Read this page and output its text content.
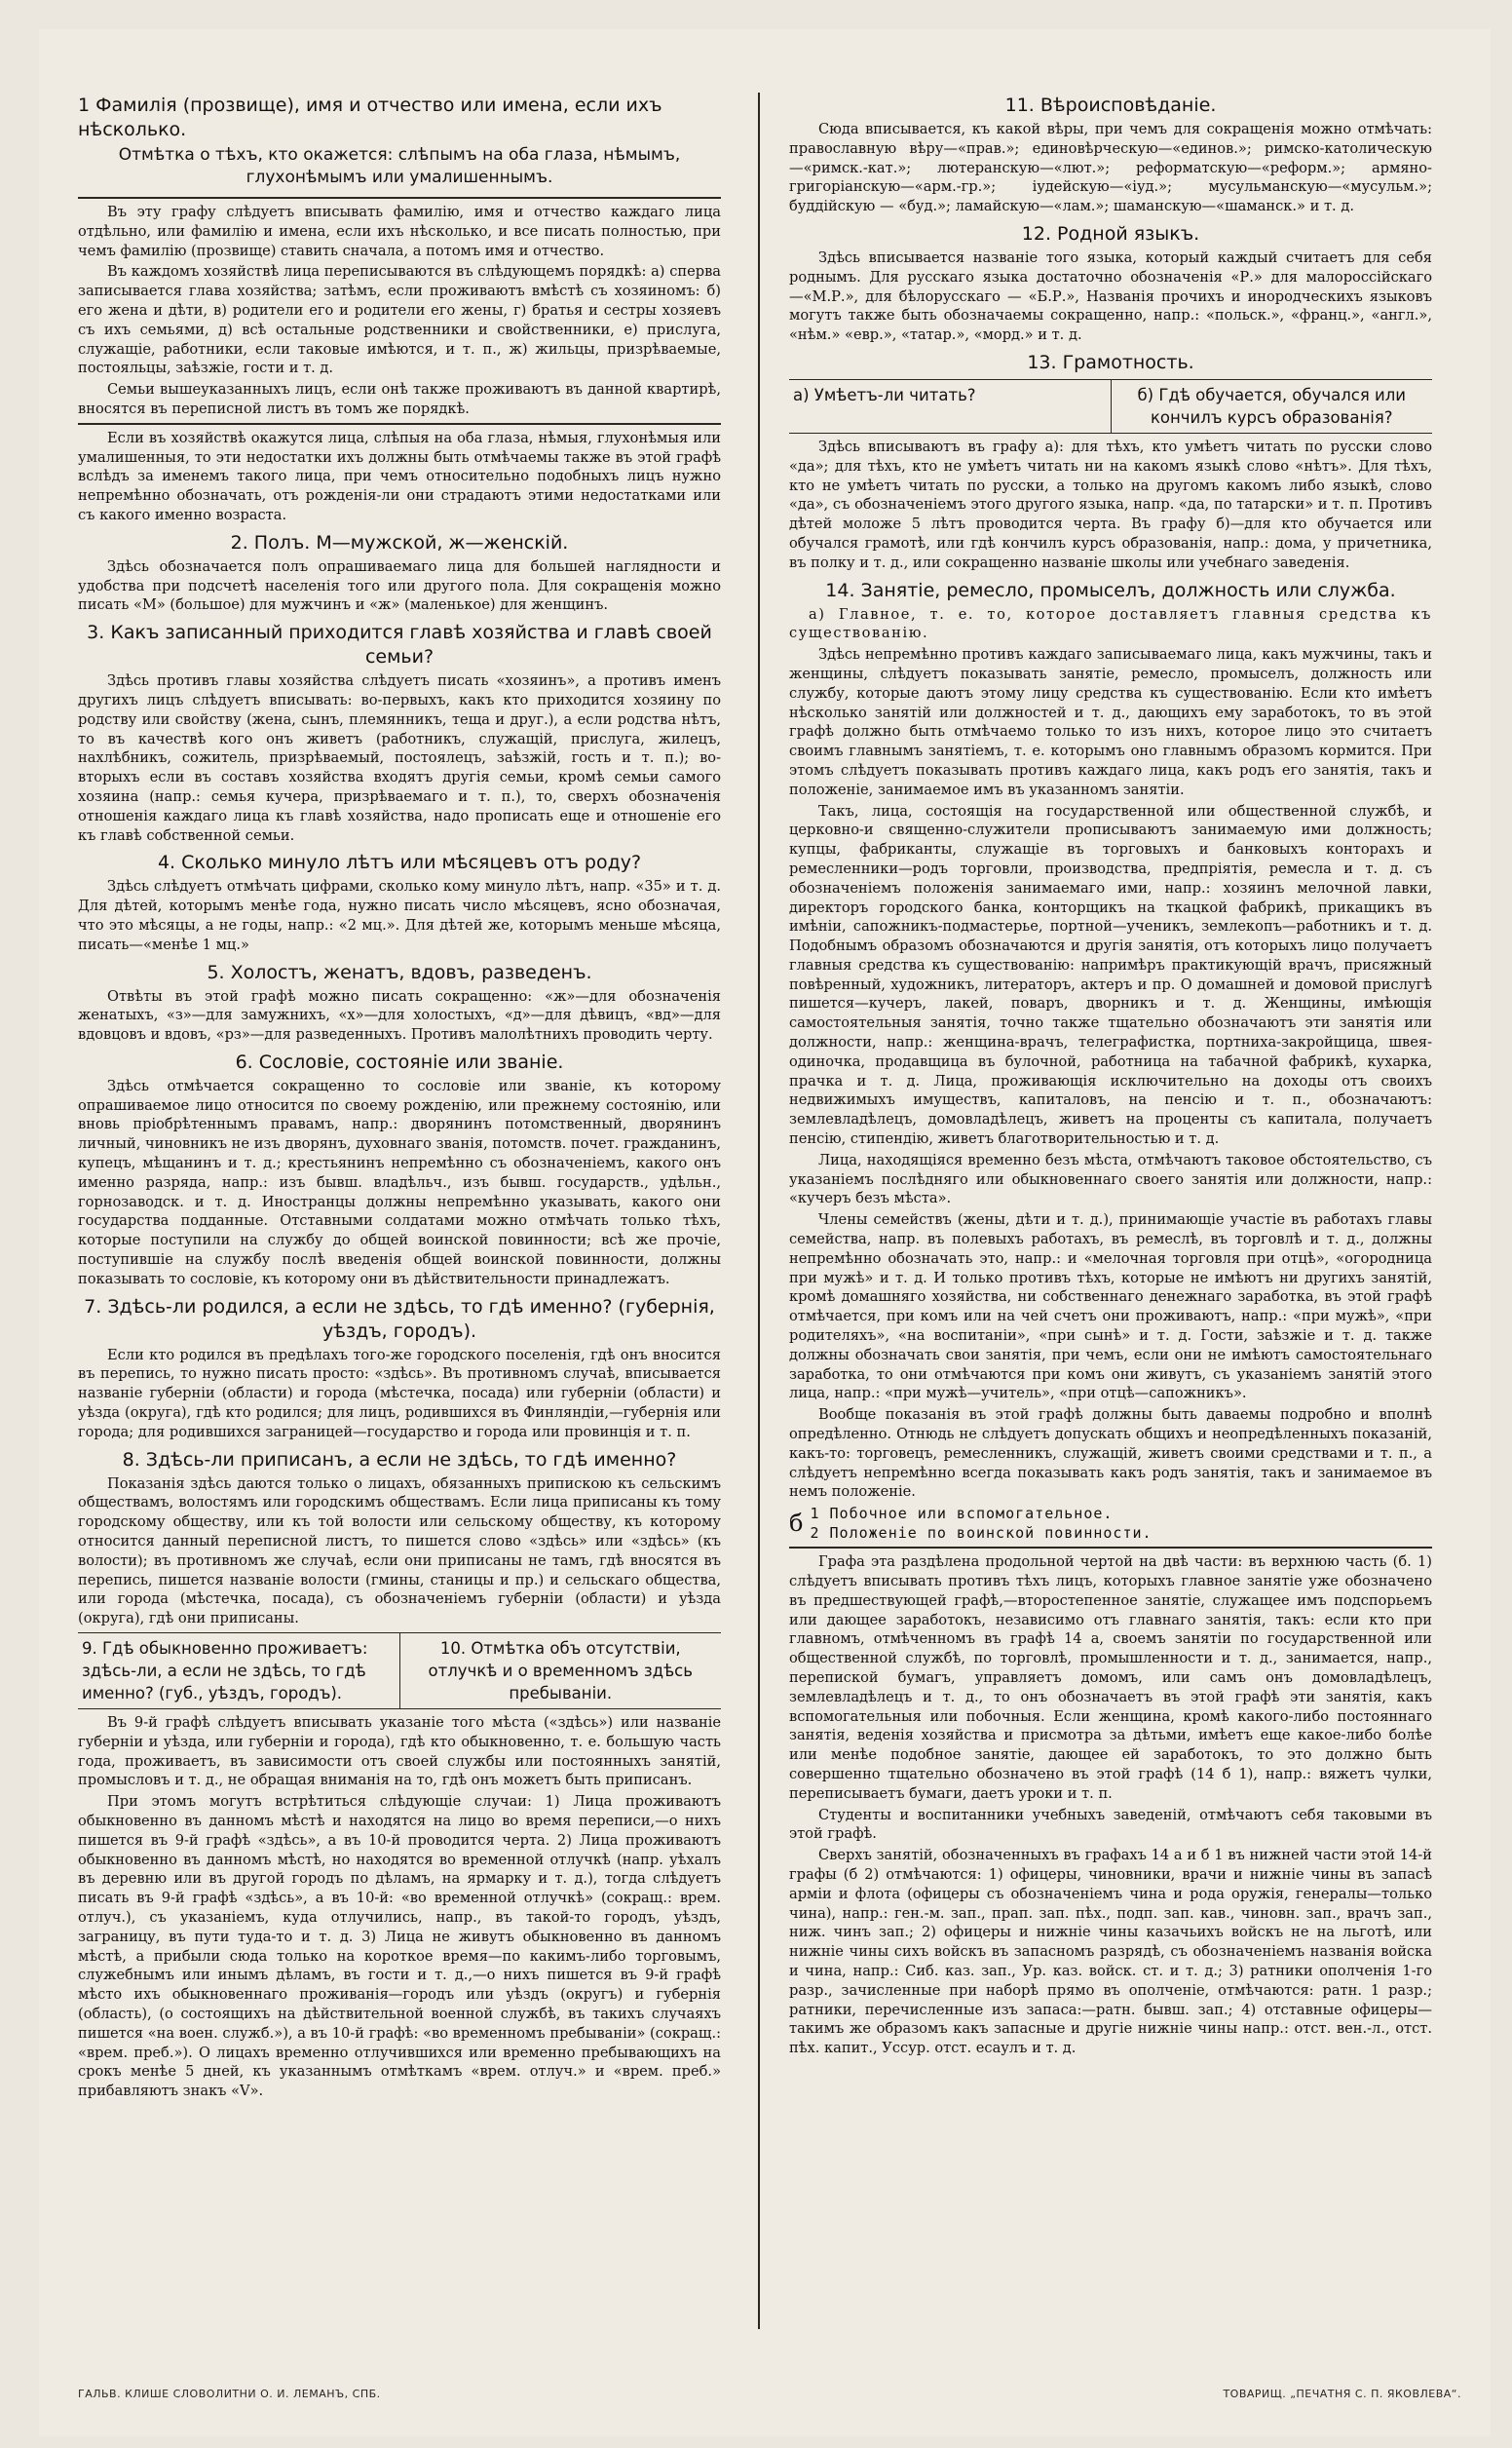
1 Фамилія (прозвище), имя и отчество или имена, если ихъ нѣсколько.
Отмѣтка о тѣхъ, кто окажется: слѣпымъ на оба глаза, нѣмымъ, глухонѣмымъ или умалишеннымъ.

Въ эту графу слѣдуетъ вписывать фамилію, имя и отчество каждаго лица отдѣльно, или фамилію и имена, если ихъ нѣсколько, и все писать полностью, при чемъ фамилію (прозвище) ставить сначала, а потомъ имя и отчество.

Въ каждомъ хозяйствѣ лица переписываются въ слѣдующемъ порядкѣ: а) сперва записывается глава хозяйства; затѣмъ, если проживаютъ вмѣстѣ съ хозяиномъ: б) его жена и дѣти, в) родители его и родители его жены, г) братья и сестры хозяевъ съ ихъ семьями, д) всѣ остальные родственники и свойственники, е) прислуга, служащіе, работники, если таковые имѣются, и т. п., ж) жильцы, призрѣваемые, постояльцы, заѣзжіе, гости и т. д.

Семьи вышеуказанныхъ лицъ, если онѣ также проживаютъ въ данной квартирѣ, вносятся въ переписной листъ въ томъ же порядкѣ.

Если въ хозяйствѣ окажутся лица, слѣпыя на оба глаза, нѣмыя, глухонѣмыя или умалишенныя, то эти недостатки ихъ должны быть отмѣчаемы также въ этой графѣ вслѣдъ за именемъ такого лица, при чемъ относительно подобныхъ лицъ нужно непремѣнно обозначать, отъ рожденія-ли они страдаютъ этими недостатками или съ какого именно возраста.

2. Полъ. М—мужской, ж—женскій.

Здѣсь обозначается полъ опрашиваемаго лица для большей наглядности и удобства при подсчетѣ населенія того или другого пола. Для сокращенія можно писать «М» (большое) для мужчинъ и «ж» (маленькое) для женщинъ.

3. Какъ записанный приходится главѣ хозяйства и главѣ своей семьи?

Здѣсь противъ главы хозяйства слѣдуетъ писать «хозяинъ», а противъ именъ другихъ лицъ слѣдуетъ вписывать: во-первыхъ, какъ кто приходится хозяину по родству или свойству (жена, сынъ, племянникъ, теща и друг.), а если родства нѣтъ, то въ качествѣ кого онъ живетъ (работникъ, служащій, прислуга, жилецъ, нахлѣбникъ, сожитель, призрѣваемый, постоялецъ, заѣзжій, гость и т. п.); во-вторыхъ если въ составъ хозяйства входятъ другія семьи, кромѣ семьи самого хозяина (напр.: семья кучера, призрѣваемаго и т. п.), то, сверхъ обозначенія отношенія каждаго лица къ главѣ хозяйства, надо прописать еще и отношеніе его къ главѣ собственной семьи.

4. Сколько минуло лѣтъ или мѣсяцевъ отъ роду?

Здѣсь слѣдуетъ отмѣчать цифрами, сколько кому минуло лѣтъ, напр. «35» и т. д. Для дѣтей, которымъ менѣе года, нужно писать число мѣсяцевъ, ясно обозначая, что это мѣсяцы, а не годы, напр.: «2 мц.». Для дѣтей же, которымъ меньше мѣсяца, писать—«менѣе 1 мц.»

5. Холостъ, женатъ, вдовъ, разведенъ.

Отвѣты въ этой графѣ можно писать сокращенно: «ж»—для обозначенія женатыхъ, «з»—для замужнихъ, «х»—для холостыхъ, «д»—для дѣвицъ, «вд»—для вдовцовъ и вдовъ, «рз»—для разведенныхъ. Противъ малолѣтнихъ проводить черту.

6. Сословіе, состояніе или званіе.

Здѣсь отмѣчается сокращенно то сословіе или званіе, къ которому опрашиваемое лицо относится по своему рожденію, или прежнему состоянію, или вновь пріобрѣтеннымъ правамъ, напр.: дворянинъ потомственный, дворянинъ личный, чиновникъ не изъ дворянъ, духовнаго званія, потомств. почет. гражданинъ, купецъ, мѣщанинъ и т. д.; крестьянинъ непремѣнно съ обозначеніемъ, какого онъ именно разряда, напр.: изъ бывш. владѣльч., изъ бывш. государств., удѣльн., горнозаводск. и т. д. Иностранцы должны непремѣнно указывать, какого они государства подданные. Отставными солдатами можно отмѣчать только тѣхъ, которые поступили на службу до общей воинской повинности; всѣ же прочіе, поступившіе на службу послѣ введенія общей воинской повинности, должны показывать то сословіе, къ которому они въ дѣйствительности принадлежатъ.

7. Здѣсь-ли родился, а если не здѣсь, то гдѣ именно? (губернія, уѣздъ, городъ).

Если кто родился въ предѣлахъ того-же городского поселенія, гдѣ онъ вносится въ перепись, то нужно писать просто: «здѣсь». Въ противномъ случаѣ, вписывается названіе губерніи (области) и города (мѣстечка, посада) или губерніи (области) и уѣзда (округа), гдѣ кто родился; для лицъ, родившихся въ Финляндіи,—губернія или города; для родившихся заграницей—государство и города или провинція и т. п.

8. Здѣсь-ли приписанъ, а если не здѣсь, то гдѣ именно?

Показанія здѣсь даются только о лицахъ, обязанныхъ припискою къ сельскимъ обществамъ, волостямъ или городскимъ обществамъ. Если лица приписаны къ тому городскому обществу, или къ той волости или сельскому обществу, къ которому относится данный переписной листъ, то пишется слово «здѣсь» или «здѣсь» (къ волости); въ противномъ же случаѣ, если они приписаны не тамъ, гдѣ вносятся въ перепись, пишется названіе волости (гмины, станицы и пр.) и сельскаго общества, или города (мѣстечка, посада), съ обозначеніемъ губерніи (области) и уѣзда (округа), гдѣ они приписаны.

9. Гдѣ обыкновенно проживаетъ: здѣсь-ли, а если не здѣсь, то гдѣ именно? (губ., уѣздъ, городъ).
10. Отмѣтка объ отсутствіи, отлучкѣ и о временномъ здѣсь пребываніи.

Въ 9-й графѣ слѣдуетъ вписывать указаніе того мѣста («здѣсь») или названіе губерніи и уѣзда, или губерніи и города), гдѣ кто обыкновенно, т. е. большую часть года, проживаетъ, въ зависимости отъ своей службы или постоянныхъ занятій, промысловъ и т. д., не обращая вниманія на то, гдѣ онъ можетъ быть приписанъ.

При этомъ могутъ встрѣтиться слѣдующіе случаи: 1) Лица проживаютъ обыкновенно въ данномъ мѣстѣ и находятся на лицо во время переписи,—о нихъ пишется въ 9-й графѣ «здѣсь», а въ 10-й проводится черта. 2) Лица проживаютъ обыкновенно въ данномъ мѣстѣ, но находятся во временной отлучкѣ (напр. уѣхалъ въ деревню или въ другой городъ по дѣламъ, на ярмарку и т. д.), тогда слѣдуетъ писать въ 9-й графѣ «здѣсь», а въ 10-й: «во временной отлучкѣ» (сокращ.: врем. отлуч.), съ указаніемъ, куда отлучились, напр., въ такой-то городъ, уѣздъ, заграницу, въ пути туда-то и т. д. 3) Лица не живутъ обыкновенно въ данномъ мѣстѣ, а прибыли сюда только на короткое время—по какимъ-либо торговымъ, служебнымъ или инымъ дѣламъ, въ гости и т. д.,—о нихъ пишется въ 9-й графѣ мѣсто ихъ обыкновеннаго проживанія—городъ или уѣздъ (округъ) и губернія (область), (о состоящихъ на дѣйствительной военной службѣ, въ такихъ случаяхъ пишется «на воен. служб.»), а въ 10-й графѣ: «во временномъ пребываніи» (сокращ.: «врем. преб.»). О лицахъ временно отлучившихся или временно пребывающихъ на срокъ менѣе 5 дней, къ указаннымъ отмѣткамъ «врем. отлуч.» и «врем. преб.» прибавляютъ знакъ «V».

11. Вѣроисповѣданіе.

Сюда вписывается, къ какой вѣры, при чемъ для сокращенія можно отмѣчать: православную вѣру—«прав.»; единовѣрческую—«единов.»; римско-католическую—«римск.-кат.»; лютеранскую—«лют.»; реформатскую—«реформ.»; армяно-григоріанскую—«арм.-гр.»; іудейскую—«іуд.»; мусульманскую—«мусульм.»; буддійскую — «буд.»; ламайскую—«лам.»; шаманскую—«шаманск.» и т. д.

12. Родной языкъ.

Здѣсь вписывается названіе того языка, который каждый считаетъ для себя роднымъ. Для русскаго языка достаточно обозначенія «Р.» для малороссійскаго—«М.Р.», для бѣлорусскаго — «Б.Р.», Названія прочихъ и инородческихъ языковъ могутъ также быть обозначаемы сокращенно, напр.: «польск.», «франц.», «англ.», «нѣм.» «евр.», «татар.», «морд.» и т. д.

13. Грамотность.
а) Умѣетъ-ли читать?	б) Гдѣ обучается, обучался или кончилъ курсъ образованія?

Здѣсь вписываютъ въ графу а): для тѣхъ, кто умѣетъ читать по русски слово «да»; для тѣхъ, кто не умѣетъ читать ни на какомъ языкѣ слово «нѣтъ». Для тѣхъ, кто не умѣетъ читать по русски, а только на другомъ какомъ либо языкѣ, слово «да», съ обозначеніемъ этого другого языка, напр. «да, по татарски» и т. п. Противъ дѣтей моложе 5 лѣтъ проводится черта. Въ графу б)—для кто обучается или обучался грамотѣ, или гдѣ кончилъ курсъ образованія, напр.: дома, у причетника, въ полку и т. д., или сокращенно названіе школы или учебнаго заведенія.

14. Занятіе, ремесло, промыселъ, должность или служба.

а) Главное, т. е. то, которое доставляетъ главныя средства къ существованію.

Здѣсь непремѣнно противъ каждаго записываемаго лица, какъ мужчины, такъ и женщины, слѣдуетъ показывать занятіе, ремесло, промыселъ, должность или службу, которые даютъ этому лицу средства къ существованію. Если кто имѣетъ нѣсколько занятій или должностей и т. д., дающихъ ему заработокъ, то въ этой графѣ должно быть отмѣчаемо только то изъ нихъ, которое лицо это считаетъ своимъ главнымъ занятіемъ, т. е. которымъ оно главнымъ образомъ кормится. При этомъ слѣдуетъ показывать противъ каждаго лица, какъ родъ его занятія, такъ и положеніе, занимаемое имъ въ указанномъ занятіи.

Такъ, лица, состоящія на государственной или общественной службѣ, и церковно-и священно-служители прописываютъ занимаемую ими должность; купцы, фабриканты, служащіе въ торговыхъ и банковыхъ конторахъ и ремесленники—родъ торговли, производства, предпріятія, ремесла и т. д. съ обозначеніемъ положенія занимаемаго ими, напр.: хозяинъ мелочной лавки, директоръ городского банка, конторщикъ на ткацкой фабрикѣ, прикащикъ въ имѣніи, сапожникъ-подмастерье, портной—ученикъ, землекопъ—работникъ и т. д. Подобнымъ образомъ обозначаются и другія занятія, отъ которыхъ лицо получаетъ главныя средства къ существованію: напримѣръ практикующій врачъ, присяжный повѣренный, художникъ, литераторъ, актеръ и пр. О домашней и домовой прислугѣ пишется—кучеръ, лакей, поваръ, дворникъ и т. д. Женщины, имѣющія самостоятельныя занятія, точно также тщательно обозначаютъ эти занятія или должности, напр.: женщина-врачъ, телеграфистка, портниха-закройщица, швея-одиночка, продавщица въ булочной, работница на табачной фабрикѣ, кухарка, прачка и т. д. Лица, проживающія исключительно на доходы отъ своихъ недвижимыхъ имуществъ, капиталовъ, на пенсію и т. п., обозначаютъ: землевладѣлецъ, домовладѣлецъ, живетъ на проценты съ капитала, получаетъ пенсію, стипендію, живетъ благотворительностью и т. д.

Лица, находящіяся временно безъ мѣста, отмѣчаютъ таковое обстоятельство, съ указаніемъ послѣдняго или обыкновеннаго своего занятія или должности, напр.: «кучеръ безъ мѣста».

Члены семействъ (жены, дѣти и т. д.), принимающіе участіе въ работахъ главы семейства, напр. въ полевыхъ работахъ, въ ремеслѣ, въ торговлѣ и т. д., должны непремѣнно обозначать это, напр.: и «мелочная торговля при отцѣ», «огородница при мужѣ» и т. д. И только противъ тѣхъ, которые не имѣютъ ни другихъ занятій, кромѣ домашняго хозяйства, ни собственнаго денежнаго заработка, въ этой графѣ отмѣчается, при комъ или на чей счетъ они проживаютъ, напр.: «при мужѣ», «при родителяхъ», «на воспитаніи», «при сынѣ» и т. д. Гости, заѣзжіе и т. д. также должны обозначать свои занятія, при чемъ, если они не имѣютъ самостоятельнаго заработка, то они отмѣчаются при комъ они живутъ, съ указаніемъ занятій этого лица, напр.: «при мужѣ—учитель», «при отцѣ—сапожникъ».

Вообще показанія въ этой графѣ должны быть даваемы подробно и вполнѣ опредѣленно. Отнюдь не слѣдуетъ допускать общихъ и неопредѣленныхъ показаній, какъ-то: торговецъ, ремесленникъ, служащій, живетъ своими средствами и т. п., а слѣдуетъ непремѣнно всегда показывать какъ родъ занятія, такъ и занимаемое въ немъ положеніе.

б 1 Побочное или вспомогательное.
2 Положеніе по воинской повинности.

Графа эта раздѣлена продольной чертой на двѣ части: въ верхнюю часть (б. 1) слѣдуетъ вписывать противъ тѣхъ лицъ, которыхъ главное занятіе уже обозначено въ предшествующей графѣ,—второстепенное занятіе, служащее имъ подспорьемъ или дающее заработокъ, независимо отъ главнаго занятія, такъ: если кто при главномъ, отмѣченномъ въ графѣ 14 а, своемъ занятіи по государственной или общественной службѣ, по торговлѣ, промышленности и т. д., занимается, напр., перепиской бумагъ, управляетъ домомъ, или самъ онъ домовладѣлецъ, землевладѣлецъ и т. д., то онъ обозначаетъ въ этой графѣ эти занятія, какъ вспомогательныя или побочныя. Если женщина, кромѣ какого-либо постояннаго занятія, веденія хозяйства и присмотра за дѣтьми, имѣетъ еще какое-либо болѣе или менѣе подобное занятіе, дающее ей заработокъ, то это должно быть совершенно тщательно обозначено въ этой графѣ (14 б 1), напр.: вяжетъ чулки, переписываетъ бумаги, даетъ уроки и т. п.

Студенты и воспитанники учебныхъ заведеній, отмѣчаютъ себя таковыми въ этой графѣ.

Сверхъ занятій, обозначенныхъ въ графахъ 14 а и б 1 въ нижней части этой 14-й графы (б 2) отмѣчаются: 1) офицеры, чиновники, врачи и нижніе чины въ запасѣ арміи и флота (офицеры съ обозначеніемъ чина и рода оружія, генералы—только чина), напр.: ген.-м. зап., прап. зап. пѣх., подп. зап. кав., чиновн. зап., врачъ зап., ниж. чинъ зап.; 2) офицеры и нижніе чины казачьихъ войскъ не на льготѣ, или нижніе чины сихъ войскъ въ запасномъ разрядѣ, съ обозначеніемъ названія войска и чина, напр.: Сиб. каз. зап., Ур. каз. войск. ст. и т. д.; 3) ратники ополченія 1-го разр., зачисленные при наборѣ прямо въ ополченіе, отмѣчаются: ратн. 1 разр.; ратники, перечисленные изъ запаса:—ратн. бывш. зап.; 4) отставные офицеры—такимъ же образомъ какъ запасные и другіе нижніе чины напр.: отст. вен.-л., отст. пѣх. капит., Уссур. отст. есаулъ и т. д.

ГАЛЬВ. КЛИШЕ СЛОВОЛИТНИ О. И. ЛЕМАНЪ, СПБ.	ТОВАРИЩ. „ПЕЧАТНЯ С. П. ЯКОВЛЕВА“.
